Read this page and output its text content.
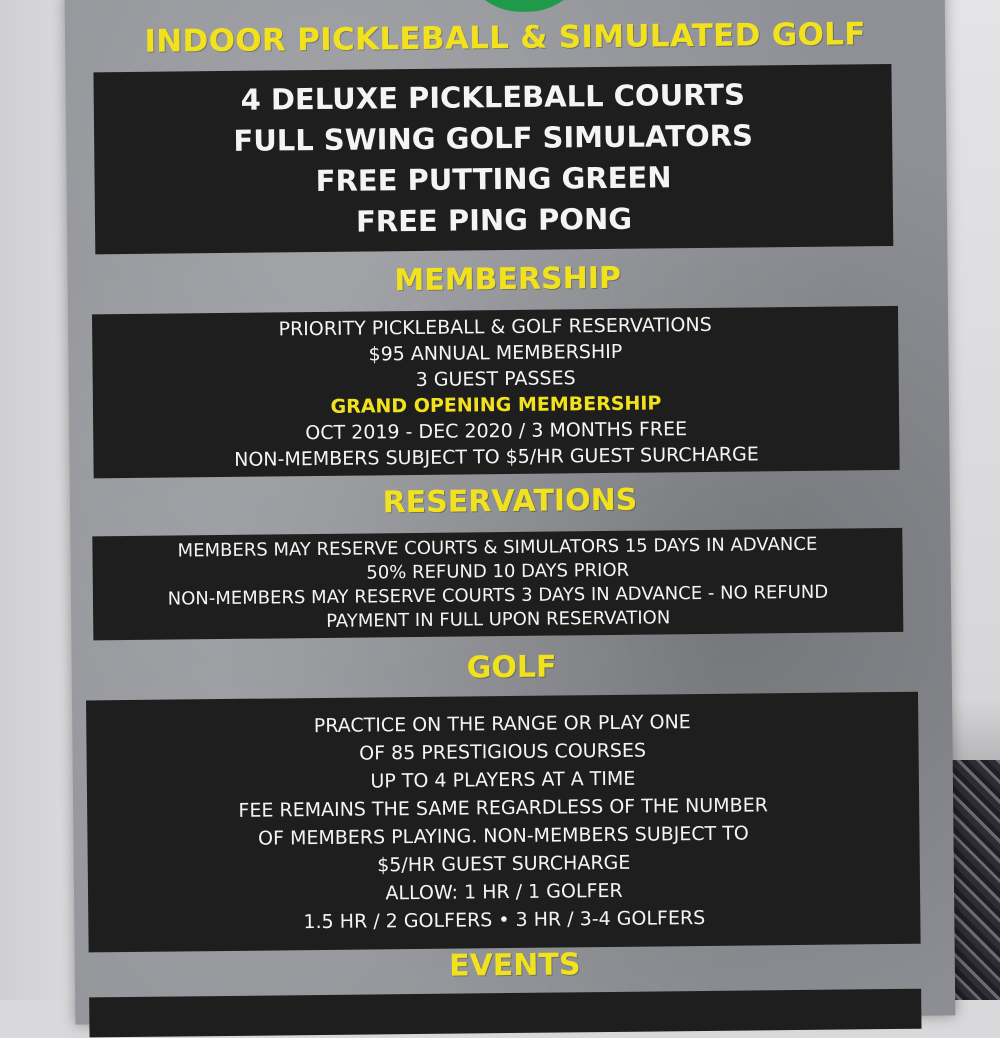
INDOOR PICKLEBALL & SIMULATED GOLF
4 DELUXE PICKLEBALL COURTS
FULL SWING GOLF SIMULATORS
FREE PUTTING GREEN
FREE PING PONG
MEMBERSHIP
PRIORITY PICKLEBALL & GOLF RESERVATIONS
$95 ANNUAL MEMBERSHIP
3 GUEST PASSES
GRAND OPENING MEMBERSHIP
OCT 2019 - DEC 2020 / 3 MONTHS FREE
NON-MEMBERS SUBJECT TO $5/HR GUEST SURCHARGE
RESERVATIONS
MEMBERS MAY RESERVE COURTS & SIMULATORS 15 DAYS IN ADVANCE
50% REFUND 10 DAYS PRIOR
NON-MEMBERS MAY RESERVE COURTS 3 DAYS IN ADVANCE - NO REFUND
PAYMENT IN FULL UPON RESERVATION
GOLF
PRACTICE ON THE RANGE OR PLAY ONE
OF 85 PRESTIGIOUS COURSES
UP TO 4 PLAYERS AT A TIME
FEE REMAINS THE SAME REGARDLESS OF THE NUMBER
OF MEMBERS PLAYING. NON-MEMBERS SUBJECT TO
$5/HR GUEST SURCHARGE
ALLOW: 1 HR / 1 GOLFER
1.5 HR / 2 GOLFERS • 3 HR / 3-4 GOLFERS
EVENTS
